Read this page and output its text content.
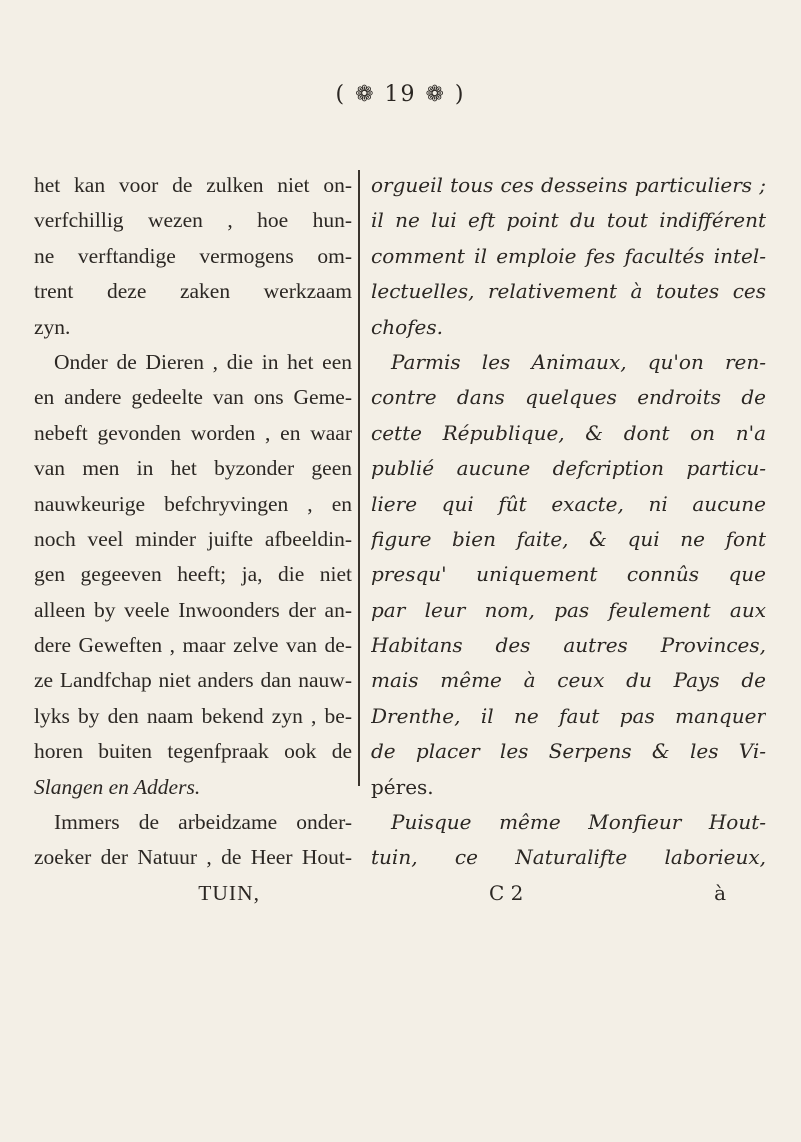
( ❁ 19 ❁ )
het kan voor de zulken niet on-
verfchillig wezen , hoe hun-
ne verftandige vermogens om-
trent deze zaken werkzaam
zyn.
Onder de Dieren , die in het een
en andere gedeelte van ons Geme-
nebeft gevonden worden , en waar
van men in het byzonder geen
nauwkeurige befchryvingen , en
noch veel minder juifte afbeeldin-
gen gegeeven heeft; ja, die niet
alleen by veele Inwoonders der an-
dere Geweften , maar zelve van de-
ze Landfchap niet anders dan nauw-
lyks by den naam bekend zyn , be-
horen buiten tegenfpraak ook de
Slangen en Adders.
Immers de arbeidzame onder-
zoeker der Natuur , de Heer Hout-
TUIN,
orgueil tous ces desseins particuliers ;
il ne lui eft point du tout indifférent
comment il emploie fes facultés intel-
lectuelles, relativement à toutes ces
chofes.
Parmis les Animaux, qu'on ren-
contre dans quelques endroits de
cette République, & dont on n'a
publié aucune defcription particu-
liere qui fût exacte, ni aucune
figure bien faite, & qui ne font
presqu' uniquement connûs que
par leur nom, pas feulement aux
Habitans des autres Provinces,
mais même à ceux du Pays de
Drenthe, il ne faut pas manquer
de placer les Serpens & les Vi-
péres.
Puisque même Monfieur Hout-
tuin, ce Naturalifte laborieux,
C 2	à
